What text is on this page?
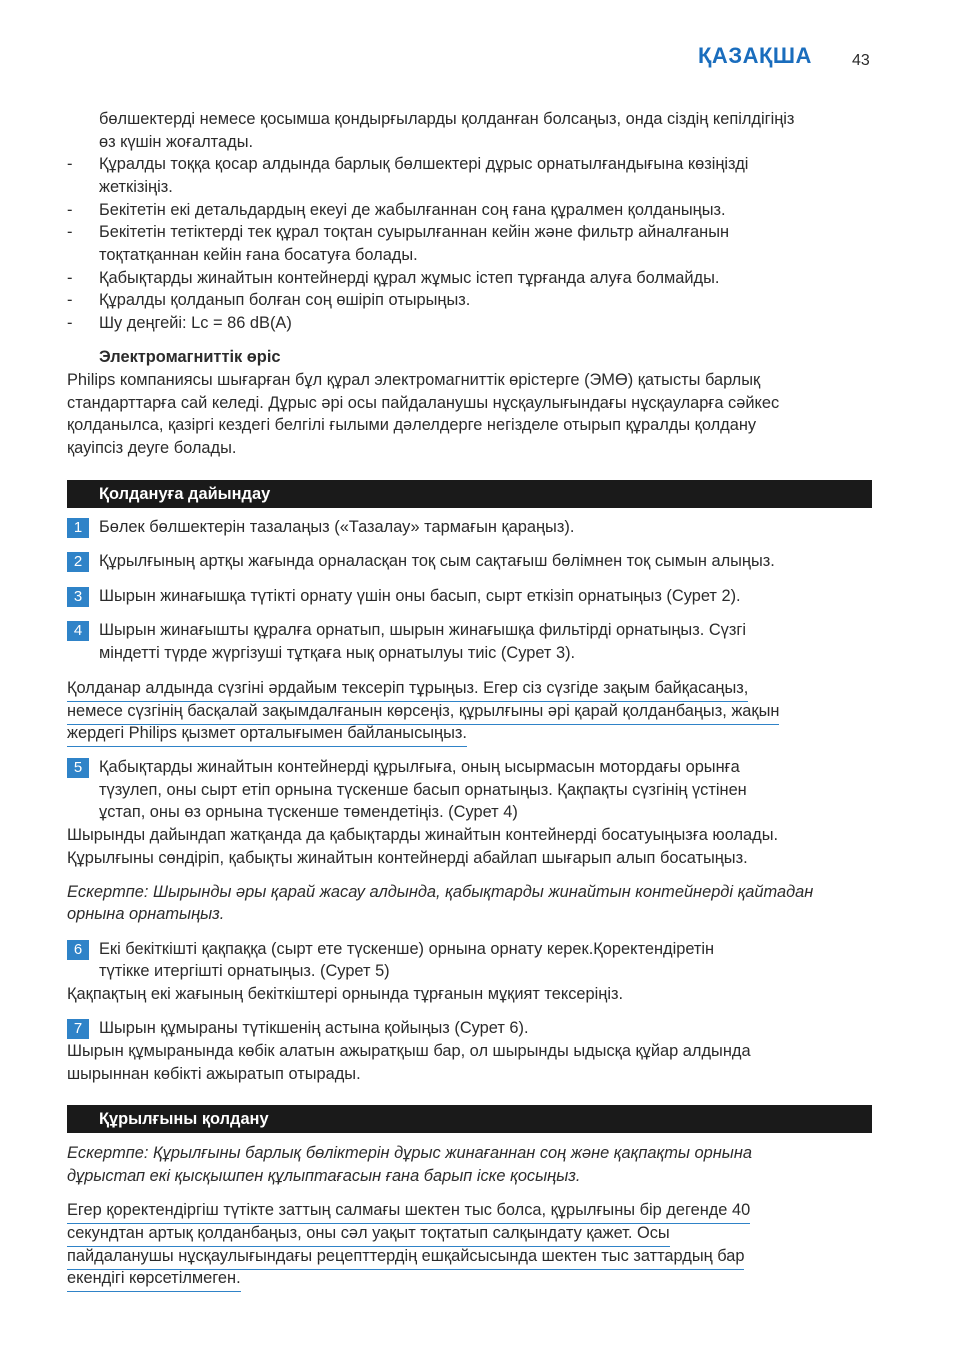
ҚАЗАҚША	43
бөлшектерді немесе қосымша қондырғыларды қолданған болсаңыз, онда сіздің кепілдігіңіз
өз күшін жоғалтады.
- Құралды тоққа қосар алдында барлық бөлшектері дұрыс орнатылғандығына көзіңізді
жеткізіңіз.
- Бекітетін екі детальдардың екеуі де жабылғаннан соң ғана құралмен қолданыңыз.
- Бекітетін тетіктерді тек құрал тоқтан суырылғаннан кейін және фильтр айналғанын
тоқтатқаннан кейін ғана босатуға болады.
- Қабықтарды жинайтын контейнерді құрал жұмыс істеп тұрғанда алуға болмайды.
- Құралды қолданып болған соң өшіріп отырыңыз.
- Шу деңгейі: Lc = 86 dB(A)
Электромагниттік өріс
Philips компаниясы шығарған бұл құрал электромагниттік өрістерге (ЭМӨ) қатысты барлық
стандарттарға сай келеді. Дұрыс әрі осы пайдаланушы нұсқаулығындағы нұсқауларға сәйкес
қолданылса, қазіргі кездегі белгілі ғылыми дәлелдерге негізделе отырып құралды қолдану
қауіпсіз деуге болады.
Қолдануға дайындау
1	Бөлек бөлшектерін тазалаңыз («Тазалау» тармағын қараңыз).
2	Құрылғының артқы жағында орналасқан тоқ сым сақтағыш бөлімнен тоқ сымын алыңыз.
3	Шырын жинағышқа түтікті орнату үшін оны басып, сырт еткізіп орнатыңыз (Сурет 2).
4	Шырын жинағышты құралға орнатып, шырын жинағышқа фильтірді орнатыңыз. Сүзгі
міндетті түрде жүргізуші тұтқаға нық орнатылуы тиіс (Сурет 3).
Қолданар алдында сүзгіні әрдайым тексеріп тұрыңыз. Егер сіз сүзгіде зақым байқасаңыз,
немесе сүзгінің басқалай зақымдалғанын көрсеңіз, құрылғыны әрі қарай қолданбаңыз, жақын
жердегі Philips қызмет орталығымен байланысыңыз.
5	Қабықтарды жинайтын контейнерді құрылғыға, оның ысырмасын мотордағы орынға
түзулеп, оны сырт етіп орнына түскенше басып орнатыңыз. Қақпақты сүзгінің үстінен
ұстап, оны өз орнына түскенше төмендетіңіз. (Сурет 4)
Шырынды дайындап жатқанда да қабықтарды жинайтын контейнерді босатуыңызға юолады.
Құрылғыны сөндіріп, қабықты жинайтын контейнерді абайлап шығарып алып босатыңыз.
Ескертпе: Шырынды әры қарай жасау алдында, қабықтарды жинайтын контейнерді қайтадан
орнына орнатыңыз.
6	Екі бекіткішті қақпаққа (сырт ете түскенше) орнына орнату керек.Қоректендіретін
түтікке итергішті орнатыңыз. (Сурет 5)
Қақпақтың екі жағының бекіткіштері орнында тұрғанын мұқият тексеріңіз.
7	Шырын құмыраны түтікшенің астына қойыңыз (Сурет 6).
Шырын құмыранында көбік алатын ажыратқыш бар, ол шырынды ыдысқа құйар алдында
шырыннан көбікті ажыратып отырады.
Құрылғыны қолдану
Ескертпе: Құрылғыны барлық бөліктерін дұрыс жинағаннан соң және қақпақты орнына
дұрыстап екі қысқышпен құлыптағасын ғана барып іске қосыңыз.
Егер қоректендіргіш түтікте заттың салмағы шектен тыс болса, құрылғыны бір дегенде 40
секундтан артық қолданбаңыз, оны сәл уақыт тоқтатып салқындату қажет. Осы
пайдаланушы нұсқаулығындағы рецепттердің ешқайсысында шектен тыс заттардың бар
екендігі көрсетілмеген.
